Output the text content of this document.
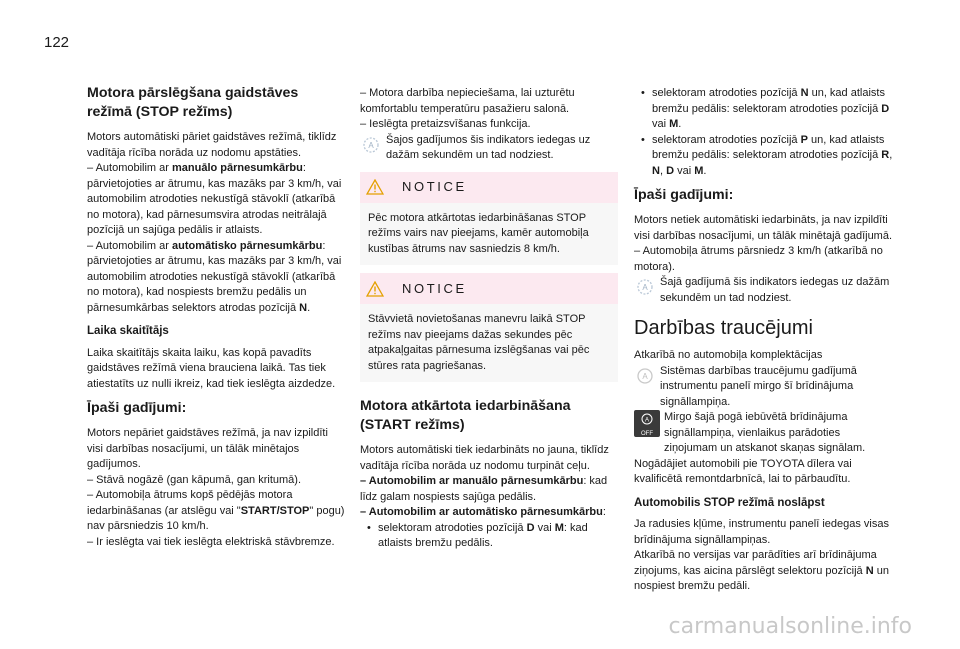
122
Motora pārslēgšana gaidstāves režīmā (STOP režīms)

Motors automātiski pāriet gaidstāves režīmā, tiklīdz vadītāja rīcība norāda uz nodomu apstāties.

– Automobilim ar manuālo pārnesumkārbu: pārvietojoties ar ātrumu, kas mazāks par 3 km/h, vai automobilim atrodoties nekustīgā stāvoklī (atkarībā no motora), kad pārnesumsvira atrodas neitrālajā pozīcijā un sajūga pedālis ir atlaists.

– Automobilim ar automātisko pārnesumkārbu: pārvietojoties ar ātrumu, kas mazāks par 3 km/h, vai automobilim atrodoties nekustīgā stāvoklī (atkarībā no motora), kad nospiests bremžu pedālis un pārnesumkārbas selektors atrodas pozīcijā N.

Laika skaitītājs

Laika skaitītājs skaita laiku, kas kopā pavadīts gaidstāves režīmā viena brauciena laikā. Tas tiek atiestatīts uz nulli ikreiz, kad tiek ieslēgta aizdedze.

Īpaši gadījumi:

Motors nepāriet gaidstāves režīmā, ja nav izpildīti visi darbības nosacījumi, un tālāk minētajos gadījumos.

– Stāvā nogāzē (gan kāpumā, gan kritumā).

– Automobiļa ātrums kopš pēdējās motora iedarbināšanas (ar atslēgu vai "START/STOP" pogu) nav pārsniedzis 10 km/h.

– Ir ieslēgta vai tiek ieslēgta elektriskā stāvbremze.

– Motora darbība nepieciešama, lai uzturētu komfortablu temperatūru pasažieru salonā.

– Ieslēgta pretaizsvīšanas funkcija.

A Šajos gadījumos šis indikators iedegas uz dažām sekundēm un tad nodziest.

NOTICE
Pēc motora atkārtotas iedarbināšanas STOP režīms vairs nav pieejams, kamēr automobiļa kustības ātrums nav sasniedzis 8 km/h.
NOTICE
Stāvvietā novietošanas manevru laikā STOP režīms nav pieejams dažas sekundes pēc atpakaļgaitas pārnesuma izslēgšanas vai pēc stūres rata pagriešanas.
Motora atkārtota iedarbināšana (START režīms)

Motors automātiski tiek iedarbināts no jauna, tiklīdz vadītāja rīcība norāda uz nodomu turpināt ceļu.

– Automobilim ar manuālo pārnesumkārbu: kad līdz galam nospiests sajūga pedālis.

– Automobilim ar automātisko pārnesumkārbu:

• selektoram atrodoties pozīcijā D vai M: kad atlaists bremžu pedālis.

• selektoram atrodoties pozīcijā N un, kad atlaists bremžu pedālis: selektoram atrodoties pozīcijā D vai M.

• selektoram atrodoties pozīcijā P un, kad atlaists bremžu pedālis: selektoram atrodoties pozīcijā R, N, D vai M.

Īpaši gadījumi:

Motors netiek automātiski iedarbināts, ja nav izpildīti visi darbības nosacījumi, un tālāk minētajā gadījumā.

– Automobiļa ātrums pārsniedz 3 km/h (atkarībā no motora).

A Šajā gadījumā šis indikators iedegas uz dažām sekundēm un tad nodziest.

Darbības traucējumi

Atkarībā no automobiļa komplektācijas

A Sistēmas darbības traucējumu gadījumā instrumentu panelī mirgo šī brīdinājuma signāllampiņa.

A
OFF

Mirgo šajā pogā iebūvētā brīdinājuma signāllampiņa, vienlaikus parādoties ziņojumam un atskanot skaņas signālam.

Nogādājiet automobili pie TOYOTA dīlera vai kvalificētā remontdarbnīcā, lai to pārbaudītu.

Automobilis STOP režīmā noslāpst

Ja radusies kļūme, instrumentu panelī iedegas visas brīdinājuma signāllampiņas.

Atkarībā no versijas var parādīties arī brīdinājuma ziņojums, kas aicina pārslēgt selektoru pozīcijā N un nospiest bremžu pedāli.

carmanualsonline.info
